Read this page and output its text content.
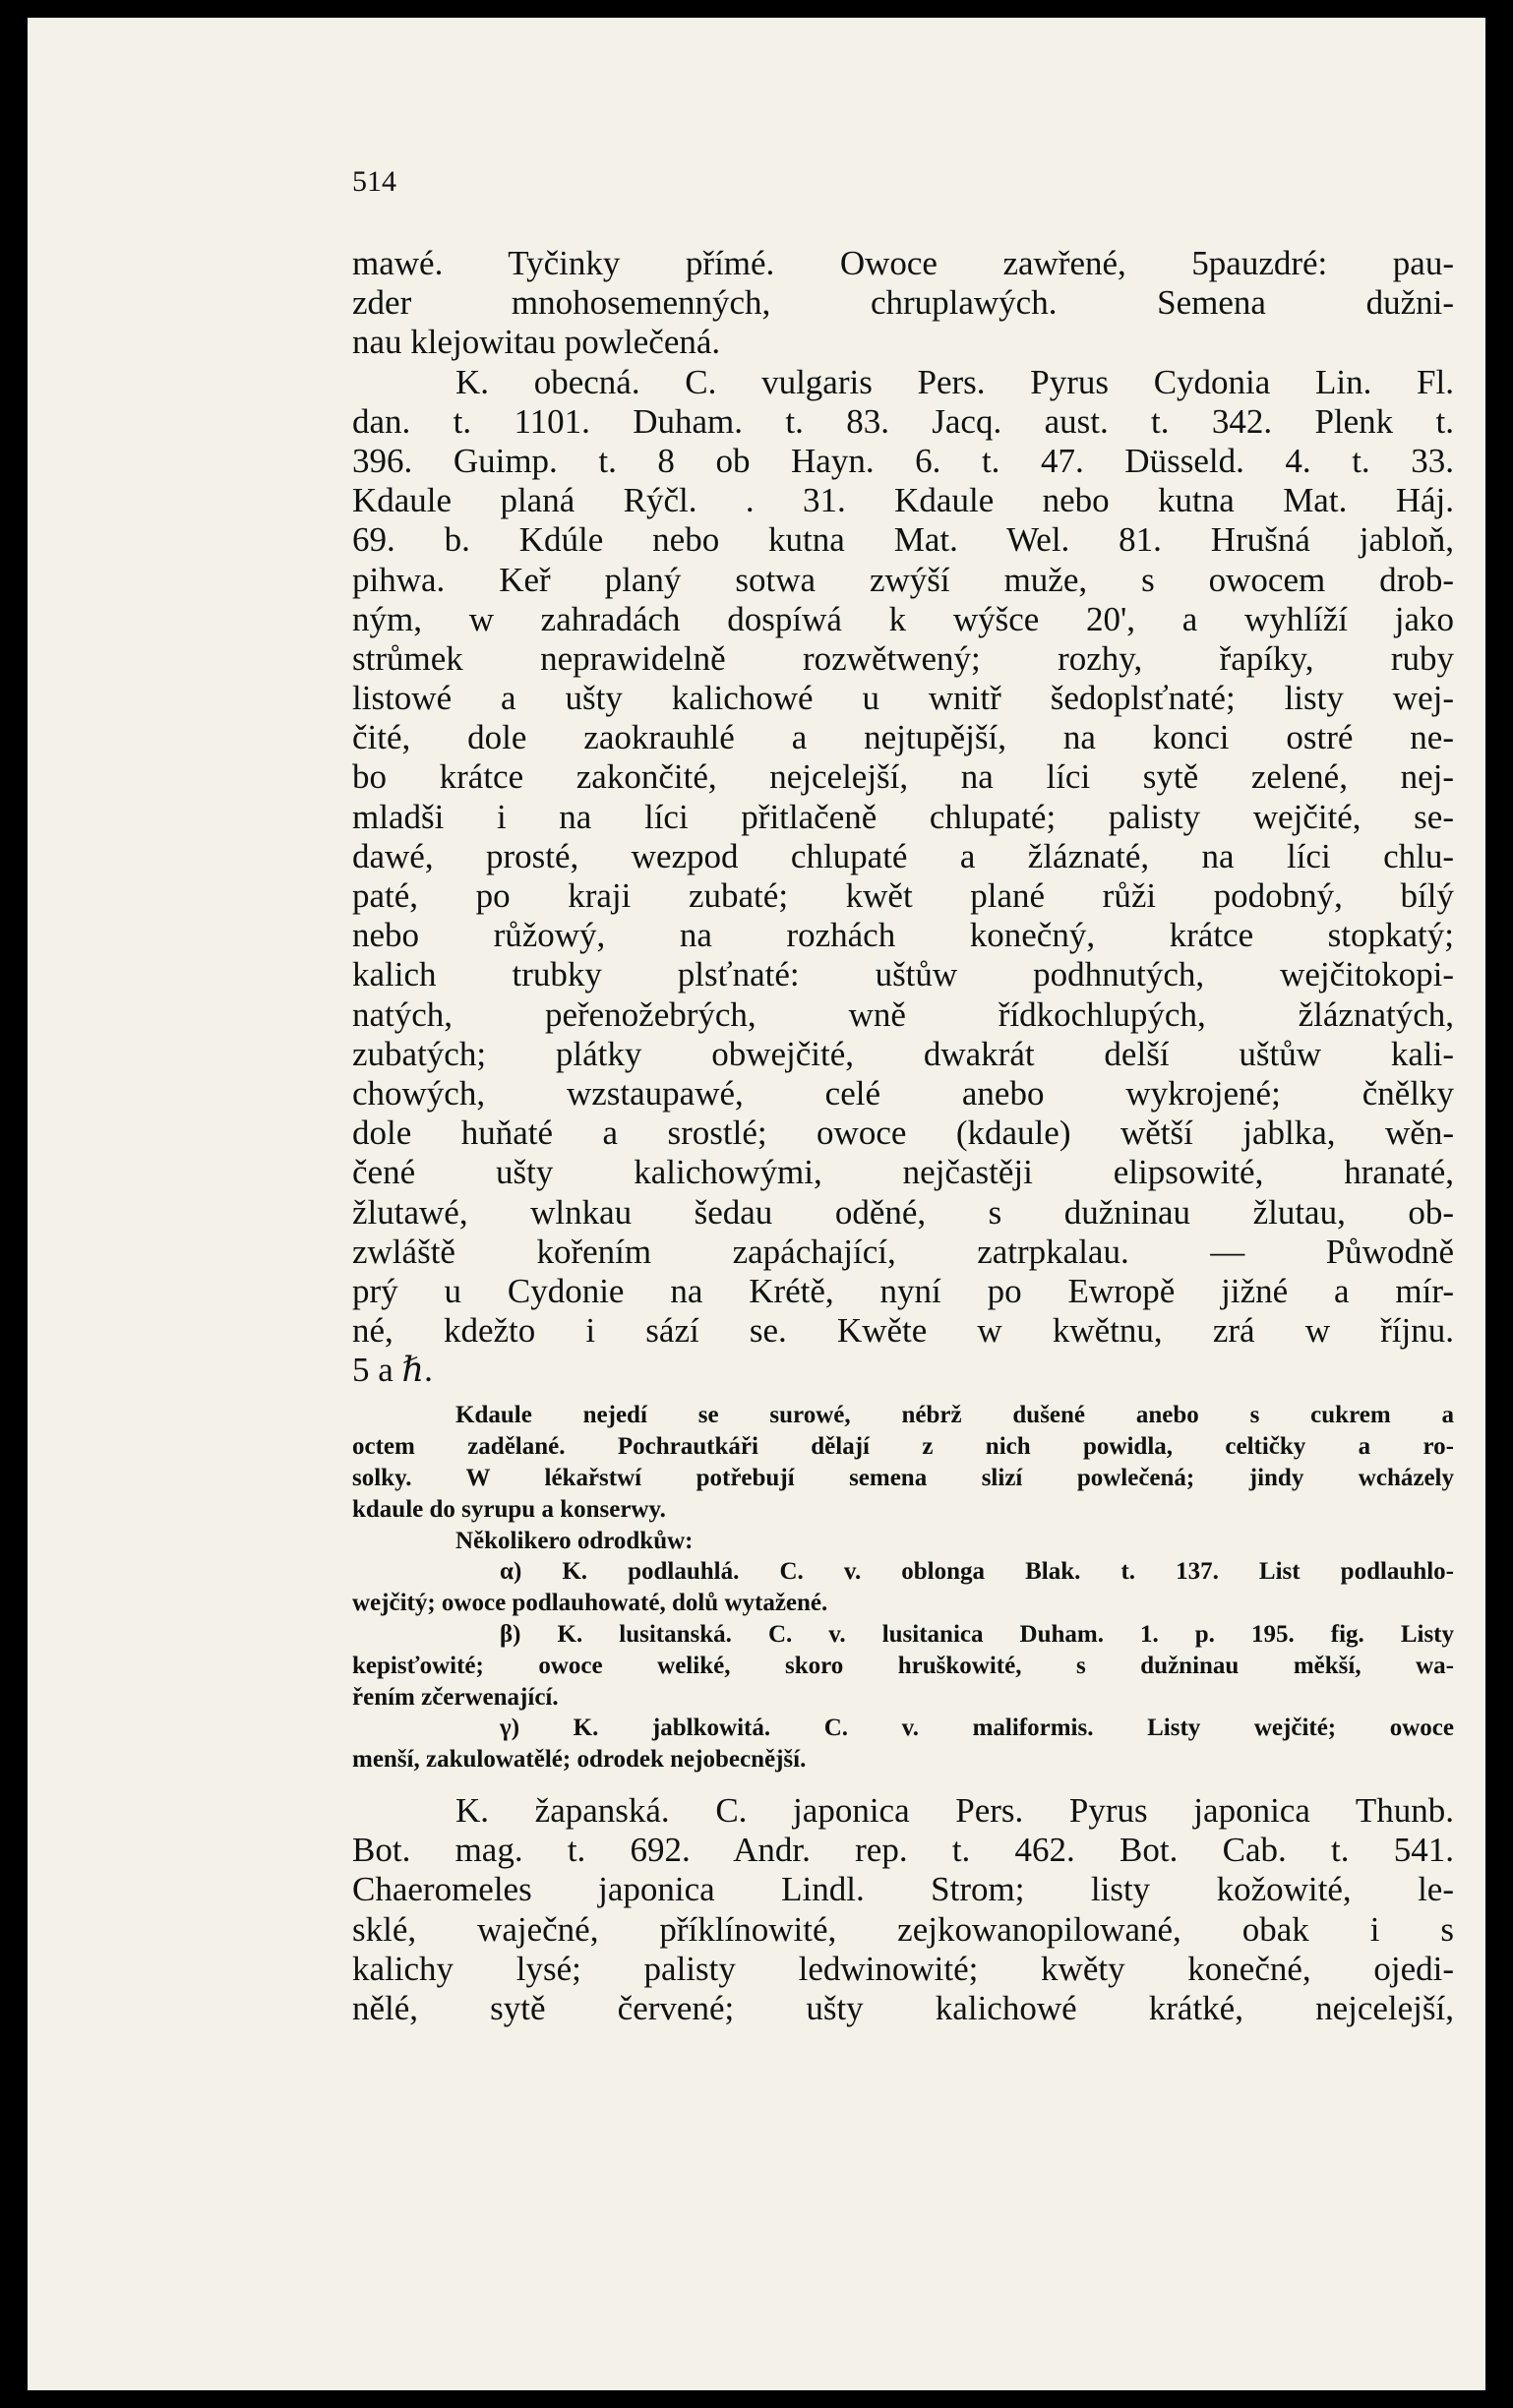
514
mawé. Tyčinky přímé. Owoce zawřené, 5pauzdré: pau-
zder mnohosemenných, chruplawých. Semena dužni-
nau klejowitau powlečená.
K. obecná. C. vulgaris Pers. Pyrus Cydonia Lin. Fl.
dan. t. 1101. Duham. t. 83. Jacq. aust. t. 342. Plenk t.
396. Guimp. t. 8 ob Hayn. 6. t. 47. Düsseld. 4. t. 33.
Kdaule planá Rýčl. . 31. Kdaule nebo kutna Mat. Háj.
69. b. Kdúle nebo kutna Mat. Wel. 81. Hrušná jabloň,
pihwa. Keř planý sotwa zwýší muže, s owocem drob-
ným, w zahradách dospíwá k wýšce 20', a wyhlíží jako
strůmek neprawidelně rozwětwený; rozhy, řapíky, ruby
listowé a ušty kalichowé u wnitř šedoplsťnaté; listy wej-
čité, dole zaokrauhlé a nejtupější, na konci ostré ne-
bo krátce zakončité, nejcelejší, na líci sytě zelené, nej-
mladši i na líci přitlačeně chlupaté; palisty wejčité, se-
dawé, prosté, wezpod chlupaté a žláznaté, na líci chlu-
paté, po kraji zubaté; kwět plané růži podobný, bílý
nebo růžowý, na rozhách konečný, krátce stopkatý;
kalich trubky plsťnaté: uštůw podhnutých, wejčitokopi-
natých, peřenožebrých, wně řídkochlupých, žláznatých,
zubatých; plátky obwejčité, dwakrát delší uštůw kali-
chowých, wzstaupawé, celé anebo wykrojené; čnělky
dole huňaté a srostlé; owoce (kdaule) wětší jablka, wěn-
čené ušty kalichowými, nejčastěji elipsowité, hranaté,
žlutawé, wlnkau šedau oděné, s dužninau žlutau, ob-
zwláště kořením zapáchající, zatrpkalau. — Půwodně
prý u Cydonie na Krétě, nyní po Ewropě jižné a mír-
né, kdežto i sází se. Kwěte w kwětnu, zrá w říjnu.
5 a ℏ.
Kdaule nejedí se surowé, nébrž dušené anebo s cukrem a
octem zadělané. Pochrautkáři dělají z nich powidla, celtičky a ro-
solky. W lékařstwí potřebují semena slizí powlečená; jindy wcházely
kdaule do syrupu a konserwy.
Několikero odrodkůw:
α) K. podlauhlá. C. v. oblonga Blak. t. 137. List podlauhlo-
wejčitý; owoce podlauhowaté, dolů wytažené.
β) K. lusitanská. C. v. lusitanica Duham. 1. p. 195. fig. Listy
kepisťowité; owoce weliké, skoro hruškowité, s dužninau měkší, wa-
řením zčerwenající.
γ) K. jablkowitá. C. v. maliformis. Listy wejčité; owoce
menší, zakulowatělé; odrodek nejobecnější.
K. žapanská. C. japonica Pers. Pyrus japonica Thunb.
Bot. mag. t. 692. Andr. rep. t. 462. Bot. Cab. t. 541.
Chaeromeles japonica Lindl. Strom; listy kožowité, le-
sklé, waječné, příklínowité, zejkowanopilowané, obak i s
kalichy lysé; palisty ledwinowité; kwěty konečné, ojedi-
nělé, sytě červené; ušty kalichowé krátké, nejcelejší,
